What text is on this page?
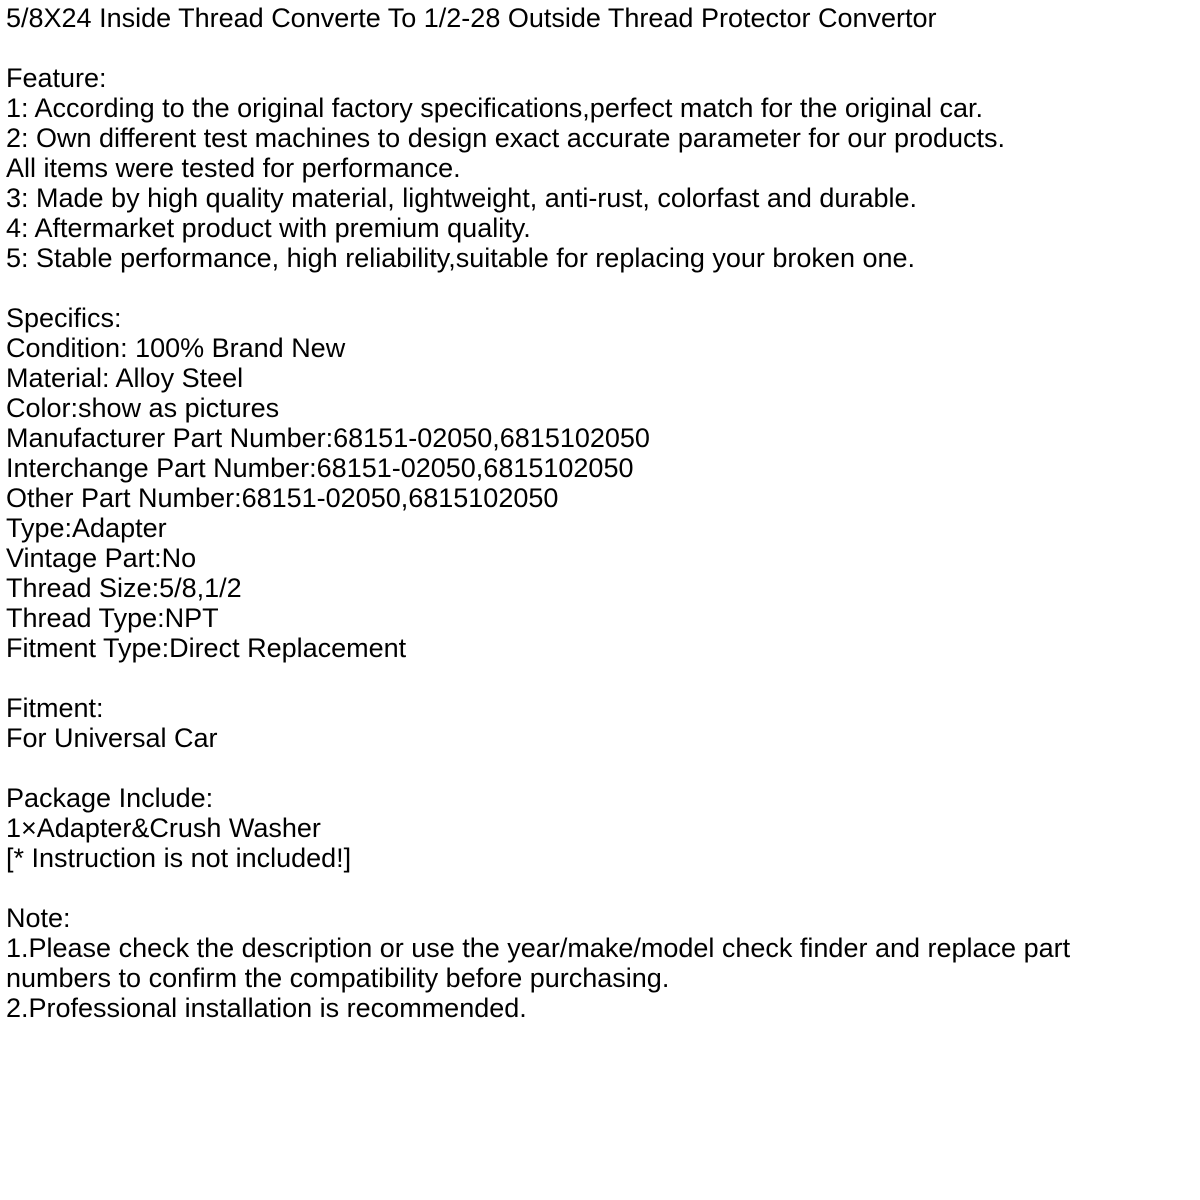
5/8X24 Inside Thread Converte To 1/2-28 Outside Thread Protector Convertor
Feature:
1: According to the original factory specifications,perfect match for the original car.
2: Own different test machines to design exact accurate parameter for our products.
All items were tested for performance.
3: Made by high quality material, lightweight, anti-rust, colorfast and durable.
4: Aftermarket product with premium quality.
5: Stable performance, high reliability,suitable for replacing your broken one.
Specifics:
Condition: 100% Brand New
Material: Alloy Steel
Color:show as pictures
Manufacturer Part Number:68151-02050,6815102050
Interchange Part Number:68151-02050,6815102050
Other Part Number:68151-02050,6815102050
Type:Adapter
Vintage Part:No
Thread Size:5/8,1/2
Thread Type:NPT
Fitment Type:Direct Replacement
Fitment:
For Universal Car
Package Include:
1×Adapter&Crush Washer
[* Instruction is not included!]
Note:
1.Please check the description or use the year/make/model check finder and replace part
numbers to confirm the compatibility before purchasing.
2.Professional installation is recommended.
